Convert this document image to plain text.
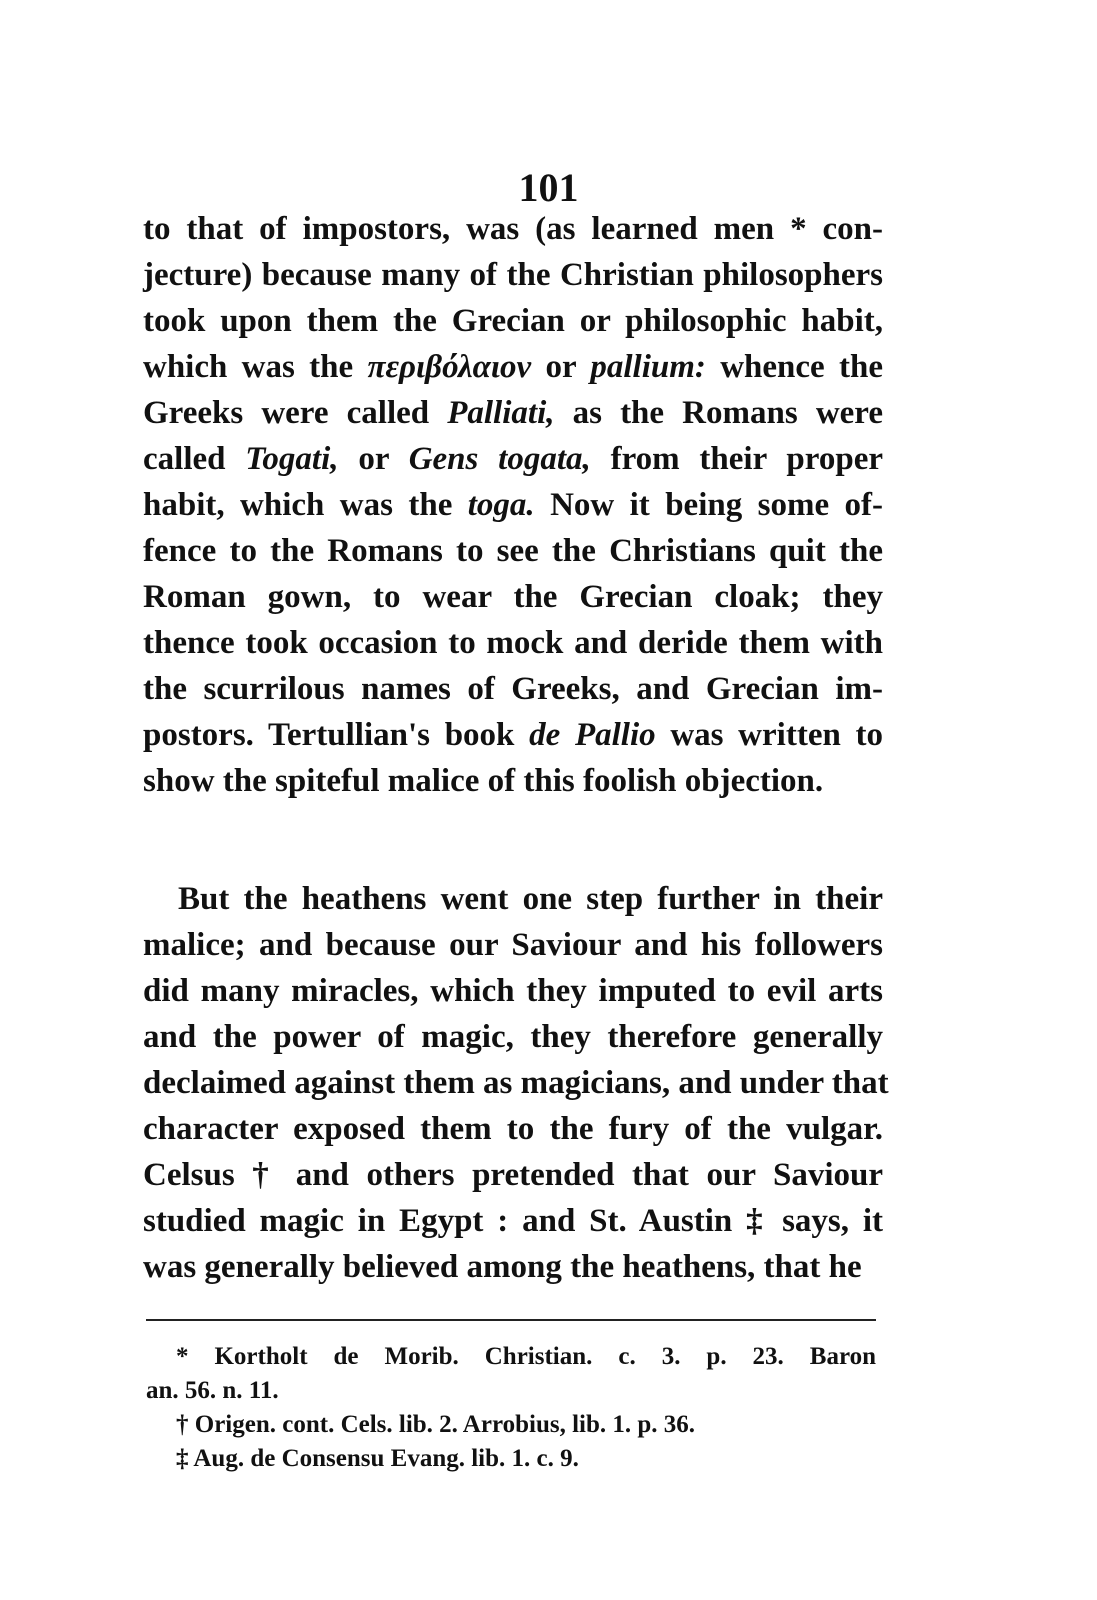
101
to that of impostors, was (as learned men * con-
jecture) because many of the Christian philosophers
took upon them the Grecian or philosophic habit,
which was the περιβόλαιον or pallium: whence the
Greeks were called Palliati, as the Romans were
called Togati, or Gens togata, from their proper
habit, which was the toga. Now it being some of-
fence to the Romans to see the Christians quit the
Roman gown, to wear the Grecian cloak; they
thence took occasion to mock and deride them with
the scurrilous names of Greeks, and Grecian im-
postors. Tertullian's book de Pallio was written to
show the spiteful malice of this foolish objection.
But the heathens went one step further in their
malice; and because our Saviour and his followers
did many miracles, which they imputed to evil arts
and the power of magic, they therefore generally
declaimed against them as magicians, and under that
character exposed them to the fury of the vulgar.
Celsus † and others pretended that our Saviour
studied magic in Egypt : and St. Austin ‡ says, it
was generally believed among the heathens, that he
* Kortholt de Morib. Christian. c. 3. p. 23. Baron
an. 56. n. 11.
† Origen. cont. Cels. lib. 2. Arrobius, lib. 1. p. 36.
‡ Aug. de Consensu Evang. lib. 1. c. 9.
